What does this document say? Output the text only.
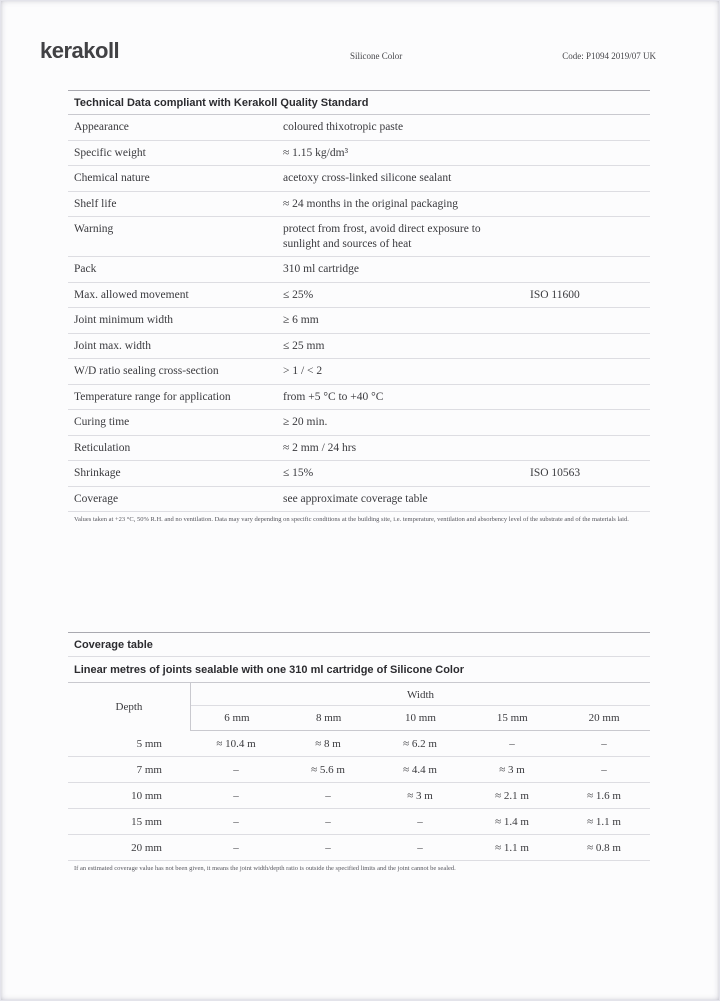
kerakoll	Silicone Color	Code: P1094 2019/07 UK
Technical Data compliant with Kerakoll Quality Standard
Appearance	coloured thixotropic paste
Specific weight	≈ 1.15 kg/dm³
Chemical nature	acetoxy cross-linked silicone sealant
Shelf life	≈ 24 months in the original packaging
Warning	protect from frost, avoid direct exposure to sunlight and sources of heat
Pack	310 ml cartridge
Max. allowed movement	≤ 25%	ISO 11600
Joint minimum width	≥ 6 mm
Joint max. width	≤ 25 mm
W/D ratio sealing cross-section	> 1 / < 2
Temperature range for application	from +5 °C to +40 °C
Curing time	≥ 20 min.
Reticulation	≈ 2 mm / 24 hrs
Shrinkage	≤ 15%	ISO 10563
Coverage	see approximate coverage table
Values taken at +23 °C, 50% R.H. and no ventilation. Data may vary depending on specific conditions at the building site, i.e. temperature, ventilation and absorbency level of the substrate and of the materials laid.
Coverage table
Linear metres of joints sealable with one 310 ml cartridge of Silicone Color
Depth
Width
6 mm	8 mm	10 mm	15 mm	20 mm
5 mm	≈ 10.4 m	≈ 8 m	≈ 6.2 m	–	–
7 mm	–	≈ 5.6 m	≈ 4.4 m	≈ 3 m	–
10 mm	–	–	≈ 3 m	≈ 2.1 m	≈ 1.6 m
15 mm	–	–	–	≈ 1.4 m	≈ 1.1 m
20 mm	–	–	–	≈ 1.1 m	≈ 0.8 m
If an estimated coverage value has not been given, it means the joint width/depth ratio is outside the specified limits and the joint cannot be sealed.
